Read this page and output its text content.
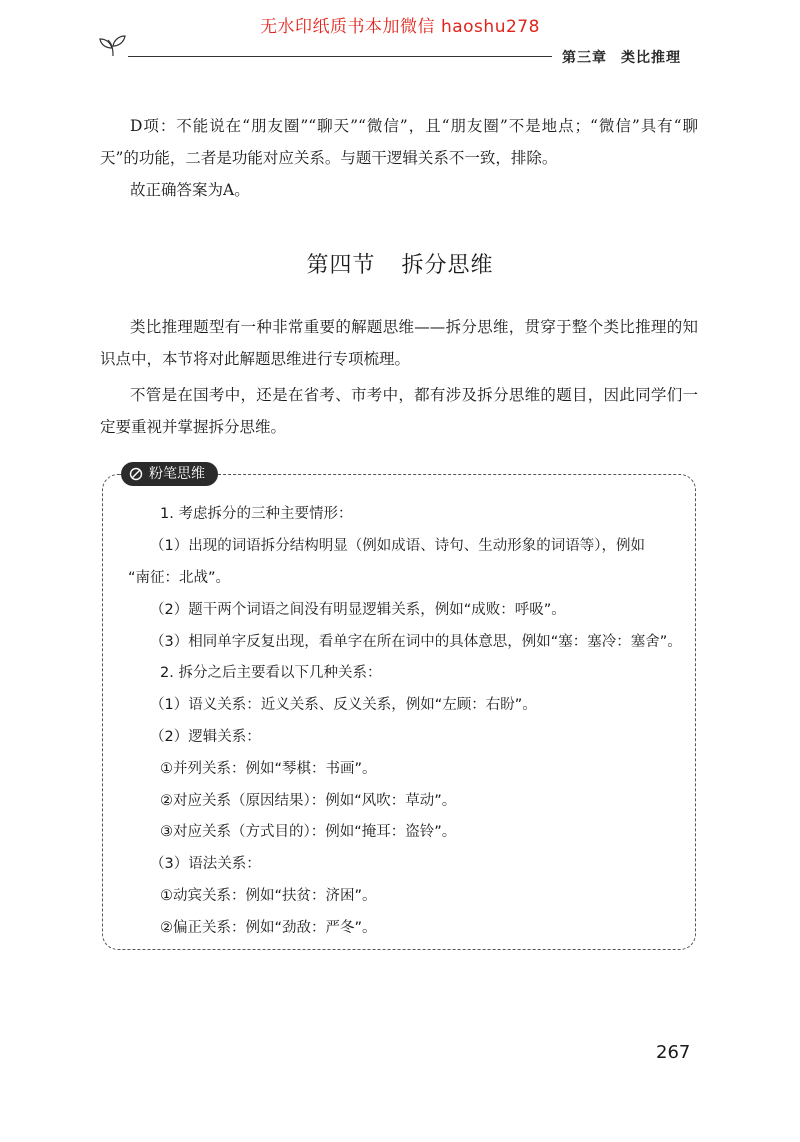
无水印纸质书本加微信 haoshu278
第三章 类比推理

D项：不能说在“朋友圈”“聊天”“微信”，且“朋友圈”不是地点；“微信”具有“聊天”的功能，二者是功能对应关系。与题干逻辑关系不一致，排除。

故正确答案为A。

第四节 拆分思维

类比推理题型有一种非常重要的解题思维——拆分思维，贯穿于整个类比推理的知识点中，本节将对此解题思维进行专项梳理。

不管是在国考中，还是在省考、市考中，都有涉及拆分思维的题目，因此同学们一定要重视并掌握拆分思维。

粉笔思维
1. 考虑拆分的三种主要情形：
（1）出现的词语拆分结构明显（例如成语、诗句、生动形象的词语等），例如
“南征：北战”。
（2）题干两个词语之间没有明显逻辑关系，例如“成败：呼吸”。
（3）相同单字反复出现，看单字在所在词中的具体意思，例如“塞：塞冷：塞舍”。
2. 拆分之后主要看以下几种关系：
（1）语义关系：近义关系、反义关系，例如“左顾：右盼”。
（2）逻辑关系：
①并列关系：例如“琴棋：书画”。
②对应关系（原因结果）：例如“风吹：草动”。
③对应关系（方式目的）：例如“掩耳：盗铃”。
（3）语法关系：
①动宾关系：例如“扶贫：济困”。
②偏正关系：例如“劲敌：严冬”。
267
